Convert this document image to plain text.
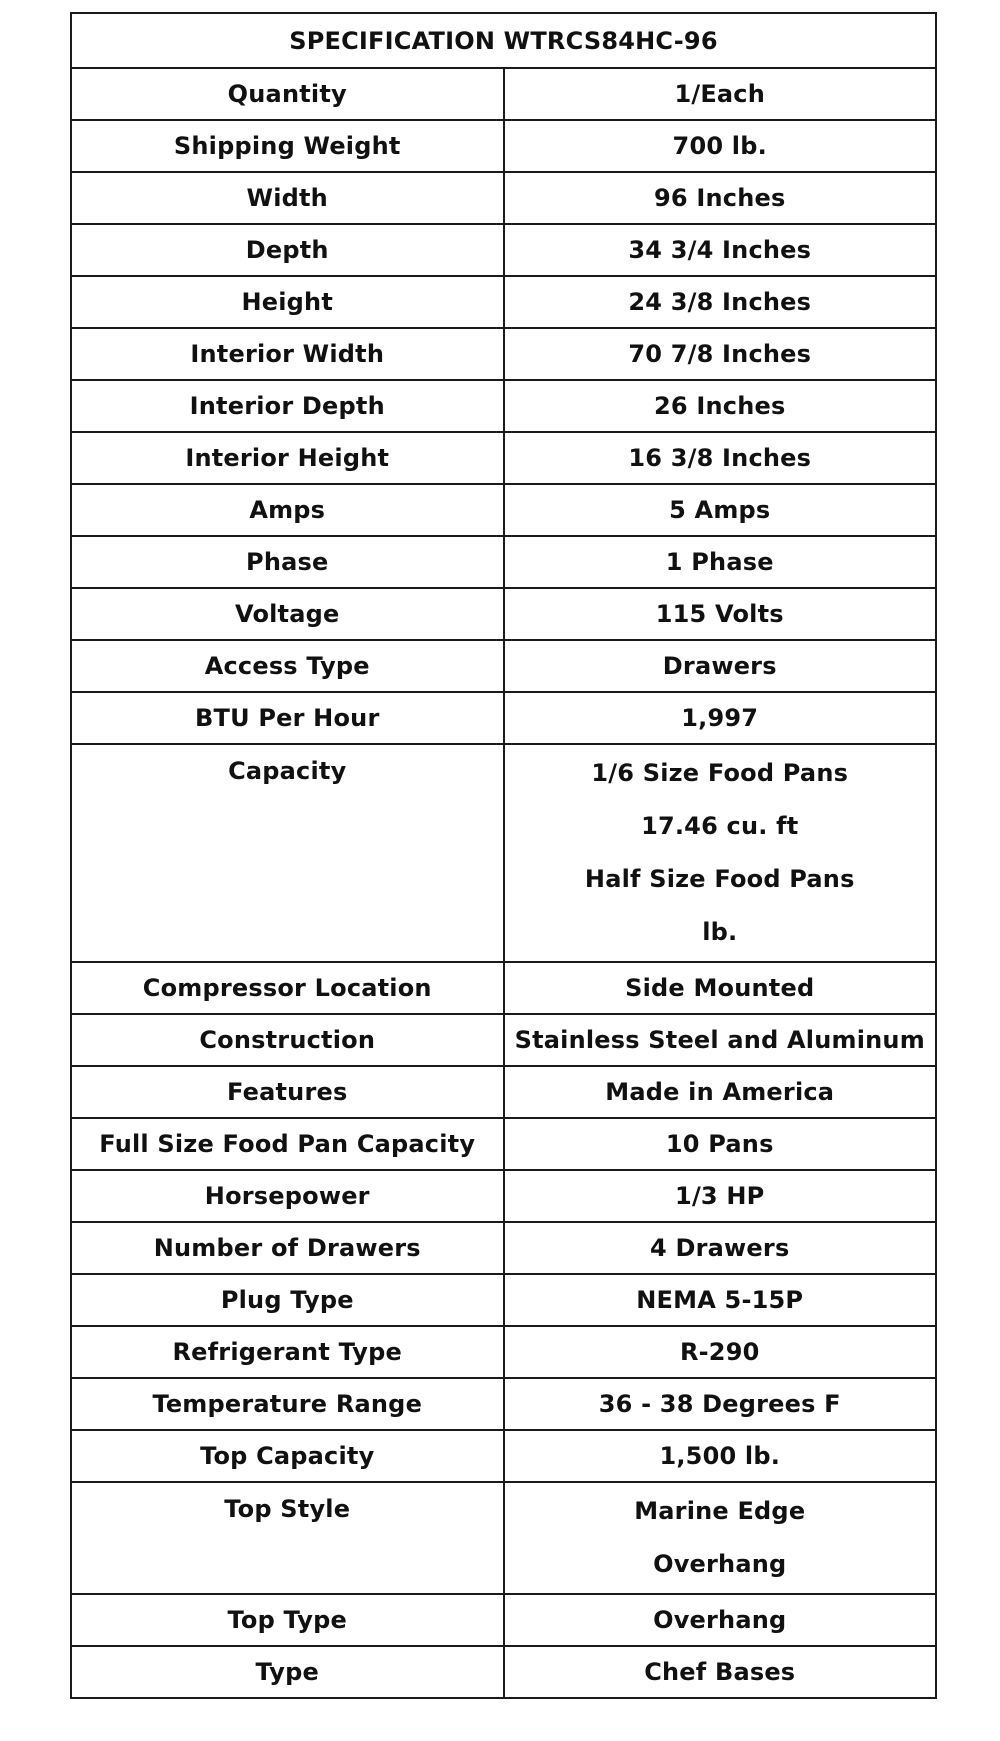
SPECIFICATION WTRCS84HC-96	
Quantity	1/Each
Shipping Weight	700 lb.
Width	96 Inches
Depth	34 3/4 Inches
Height	24 3/8 Inches
Interior Width	70 7/8 Inches
Interior Depth	26 Inches
Interior Height	16 3/8 Inches
Amps	5 Amps
Phase	1 Phase
Voltage	115 Volts
Access Type	Drawers
BTU Per Hour	1,997
Capacity	1/6 Size Food Pans
17.46 cu. ft
Half Size Food Pans
lb.

Compressor Location	Side Mounted
Construction	Stainless Steel and Aluminum
Features	Made in America
Full Size Food Pan Capacity	10 Pans
Horsepower	1/3 HP
Number of Drawers	4 Drawers
Plug Type	NEMA 5-15P
Refrigerant Type	R-290
Temperature Range	36 - 38 Degrees F
Top Capacity	1,500 lb.
Top Style	Marine Edge
Overhang

Top Type	Overhang
Type	Chef Bases
